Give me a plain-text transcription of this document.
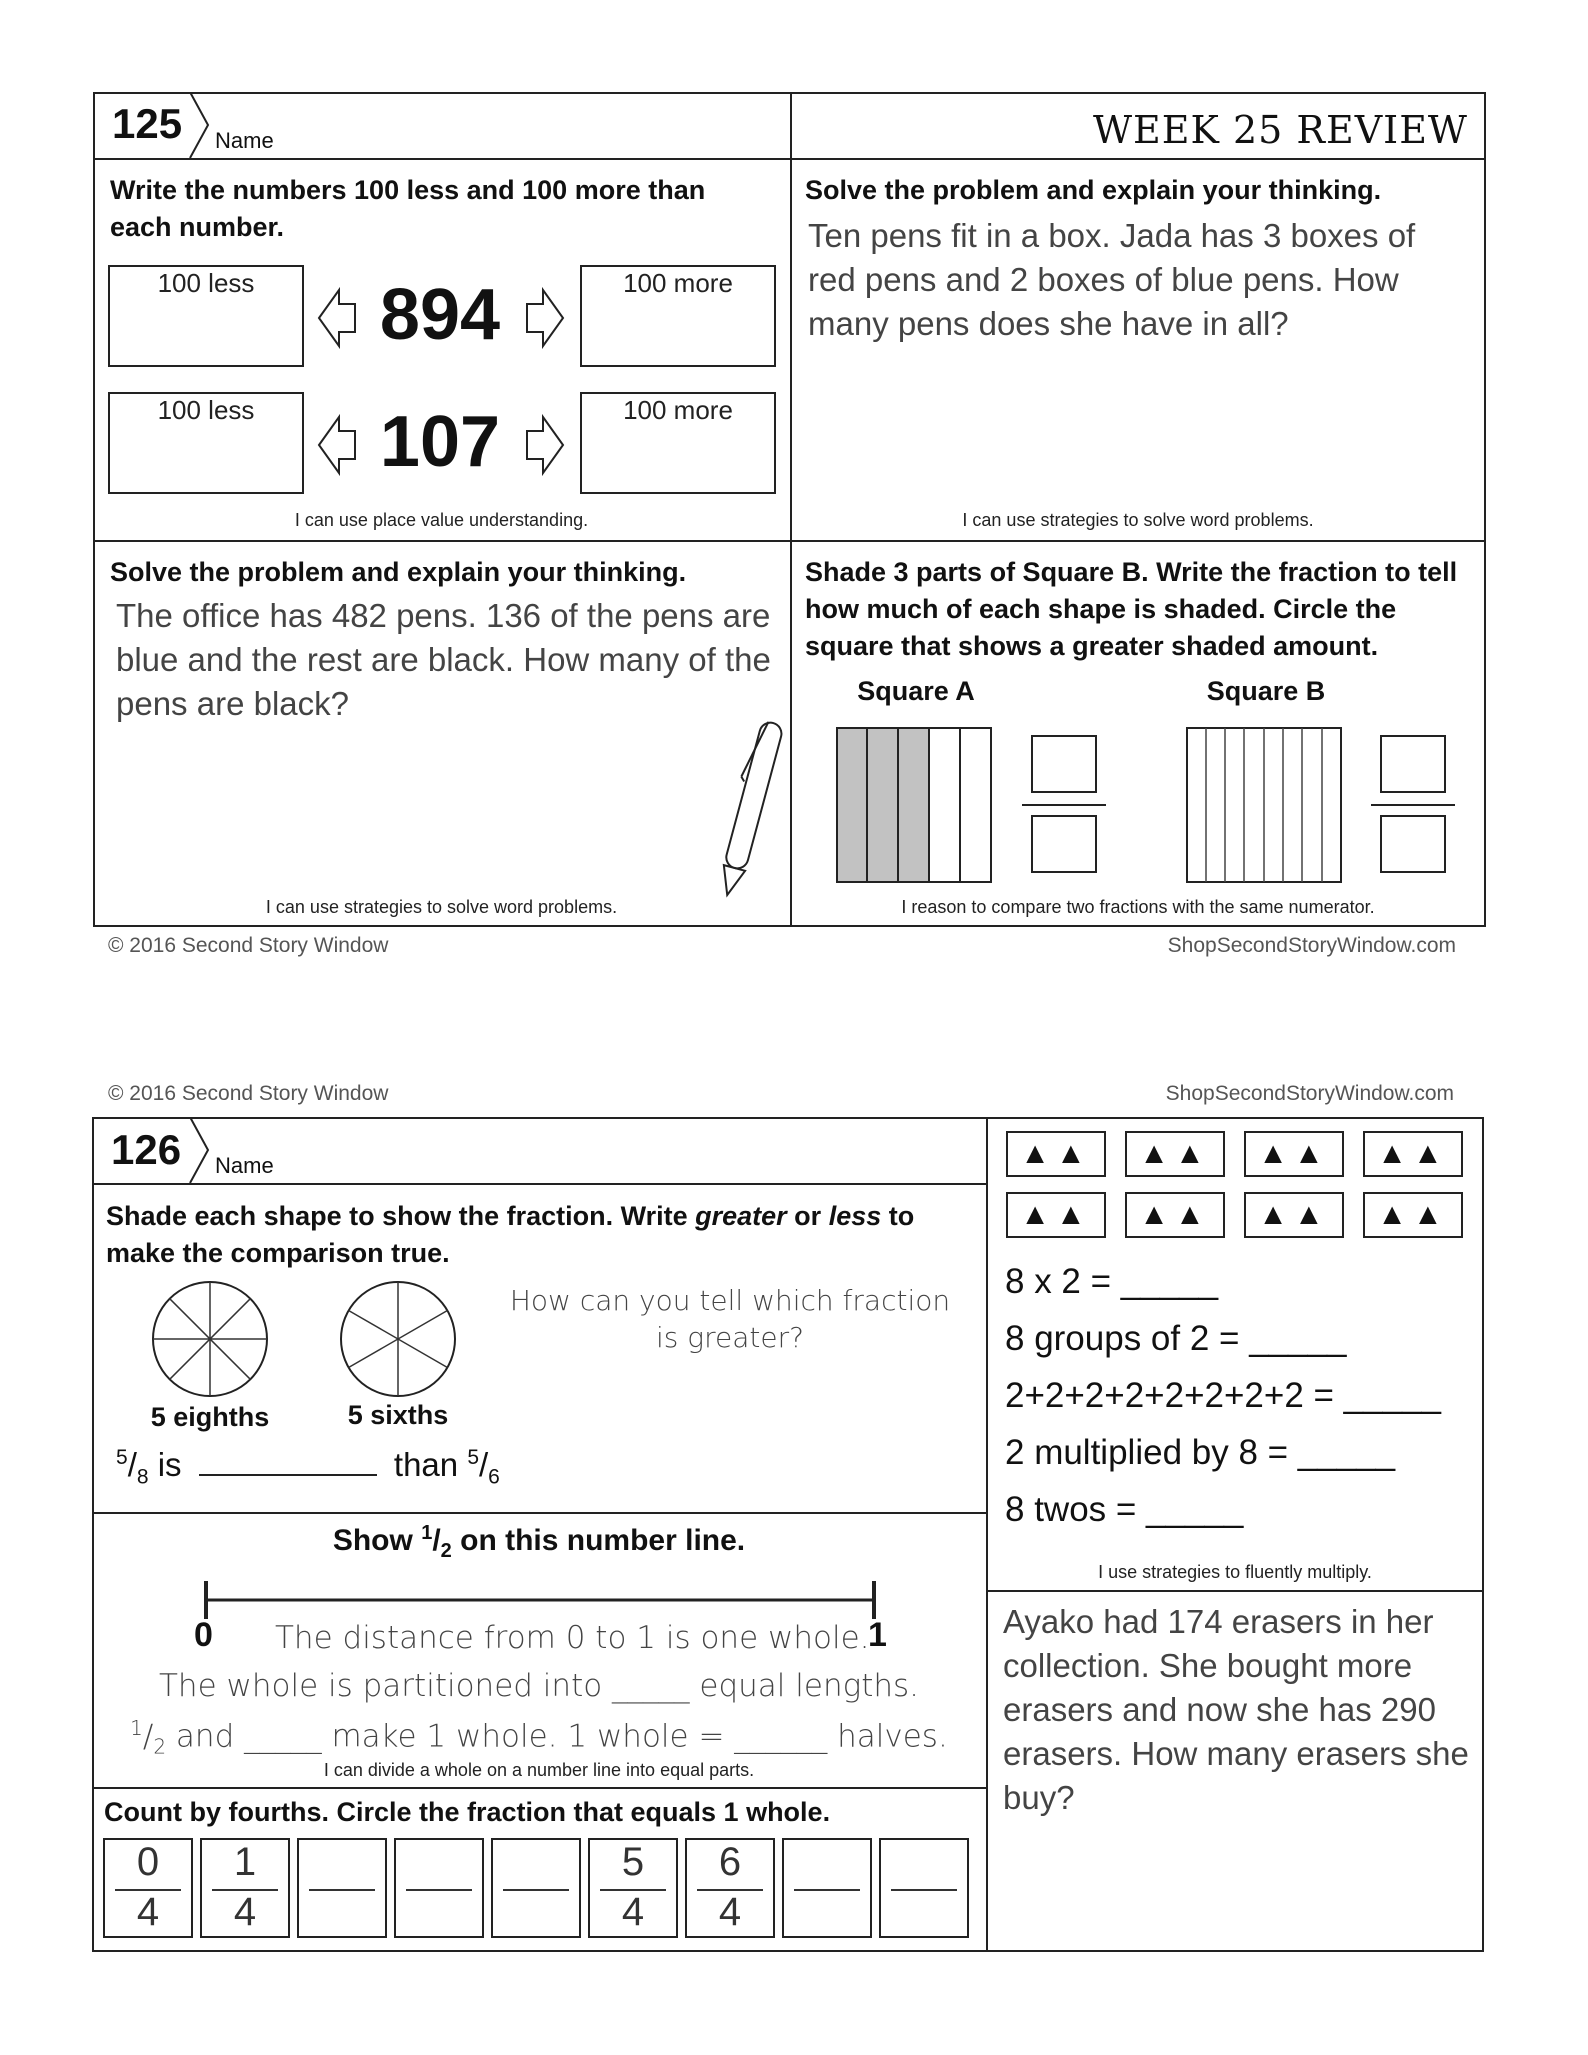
125 Name	WEEK 25 REVIEW
Write the numbers 100 less and 100 more than each number.
100 less	894	100 more
100 less	107	100 more
I can use place value understanding.
Solve the problem and explain your thinking.
Ten pens fit in a box. Jada has 3 boxes of red pens and 2 boxes of blue pens. How many pens does she have in all?
I can use strategies to solve word problems.
Solve the problem and explain your thinking.
The office has 482 pens. 136 of the pens are blue and the rest are black. How many of the pens are black?
I can use strategies to solve word problems.
Shade 3 parts of Square B. Write the fraction to tell how much of each shape is shaded. Circle the square that shows a greater shaded amount.
Square A	Square B
I reason to compare two fractions with the same numerator.
© 2016 Second Story Window	ShopSecondStoryWindow.com
© 2016 Second Story Window	ShopSecondStoryWindow.com
126 Name
Shade each shape to show the fraction. Write greater or less to make the comparison true.
5 eighths	5 sixths
How can you tell which fraction is greater?
$^5/_8$ is	than $^5/_6$
Show $^1/_2$ on this number line.
0	1
The distance from 0 to 1 is one whole.
The whole is partitioned into _____ equal lengths.
$^1/_2$ and _____ make 1 whole. 1 whole = ______ halves.
I can divide a whole on a number line into equal parts.
Count by fourths. Circle the fraction that equals 1 whole.
0
4
1
4
5
4
6
4
▲▲	▲▲	▲▲	▲▲
▲▲	▲▲	▲▲	▲▲
8 x 2 = _____
8 groups of 2 = _____
2+2+2+2+2+2+2+2 = _____
2 multiplied by 8 = _____
8 twos = _____
I use strategies to fluently multiply.
Ayako had 174 erasers in her collection. She bought more erasers and now she has 290 erasers. How many erasers she buy?
